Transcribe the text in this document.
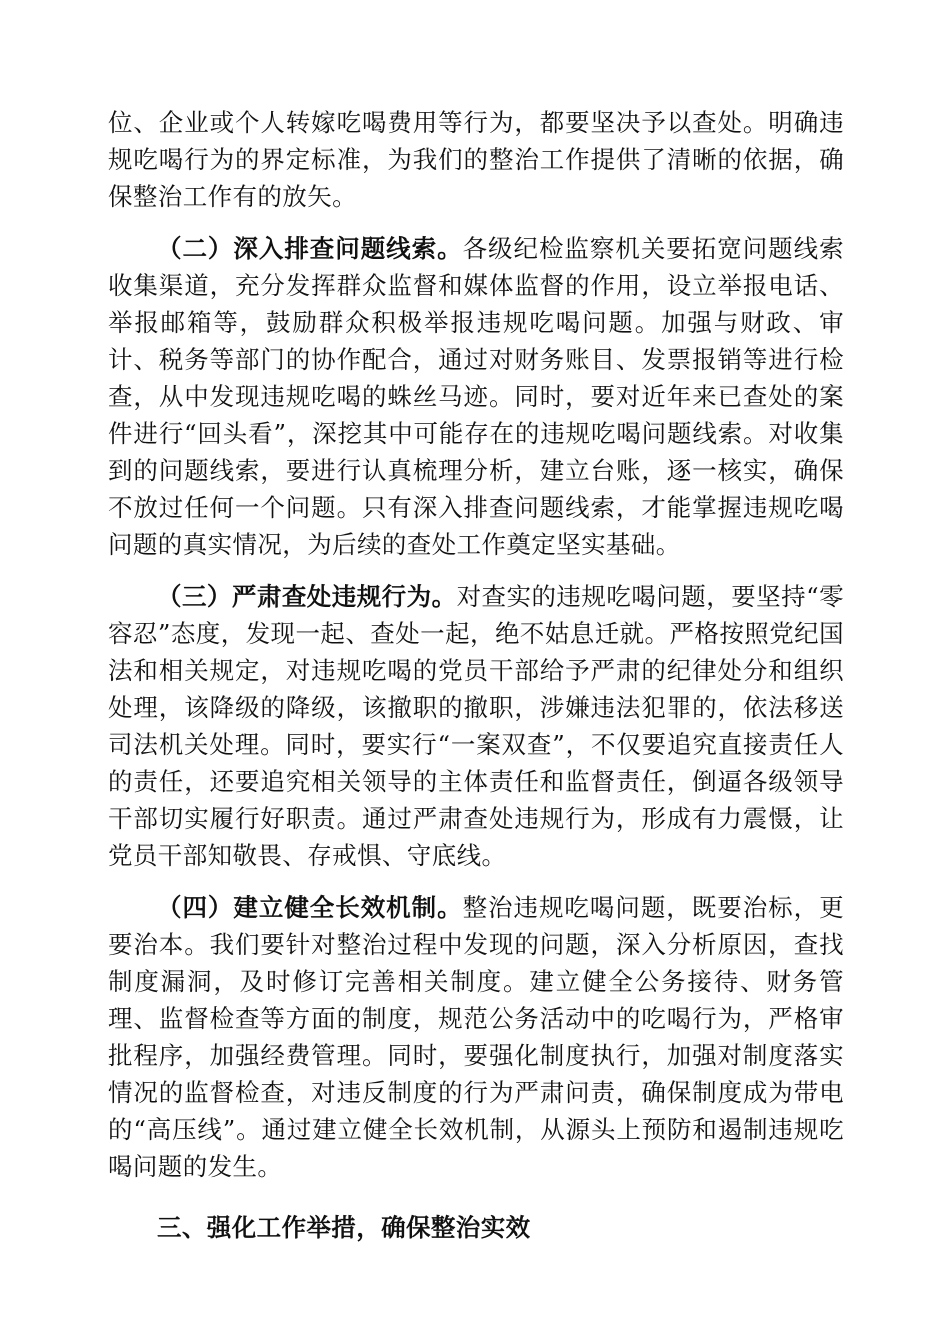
位、企业或个人转嫁吃喝费用等行为，都要坚决予以查处。明确违规吃喝行为的界定标准，为我们的整治工作提供了清晰的依据，确保整治工作有的放矢。

（二）深入排查问题线索。各级纪检监察机关要拓宽问题线索收集渠道，充分发挥群众监督和媒体监督的作用，设立举报电话、举报邮箱等，鼓励群众积极举报违规吃喝问题。加强与财政、审计、税务等部门的协作配合，通过对财务账目、发票报销等进行检查，从中发现违规吃喝的蛛丝马迹。同时，要对近年来已查处的案件进行“回头看”，深挖其中可能存在的违规吃喝问题线索。对收集到的问题线索，要进行认真梳理分析，建立台账，逐一核实，确保不放过任何一个问题。只有深入排查问题线索，才能掌握违规吃喝问题的真实情况，为后续的查处工作奠定坚实基础。

（三）严肃查处违规行为。对查实的违规吃喝问题，要坚持“零容忍”态度，发现一起、查处一起，绝不姑息迁就。严格按照党纪国法和相关规定，对违规吃喝的党员干部给予严肃的纪律处分和组织处理，该降级的降级，该撤职的撤职，涉嫌违法犯罪的，依法移送司法机关处理。同时，要实行“一案双查”，不仅要追究直接责任人的责任，还要追究相关领导的主体责任和监督责任，倒逼各级领导干部切实履行好职责。通过严肃查处违规行为，形成有力震慑，让党员干部知敬畏、存戒惧、守底线。

（四）建立健全长效机制。整治违规吃喝问题，既要治标，更要治本。我们要针对整治过程中发现的问题，深入分析原因，查找制度漏洞，及时修订完善相关制度。建立健全公务接待、财务管理、监督检查等方面的制度，规范公务活动中的吃喝行为，严格审批程序，加强经费管理。同时，要强化制度执行，加强对制度落实情况的监督检查，对违反制度的行为严肃问责，确保制度成为带电的“高压线”。通过建立健全长效机制，从源头上预防和遏制违规吃喝问题的发生。

三、强化工作举措，确保整治实效
